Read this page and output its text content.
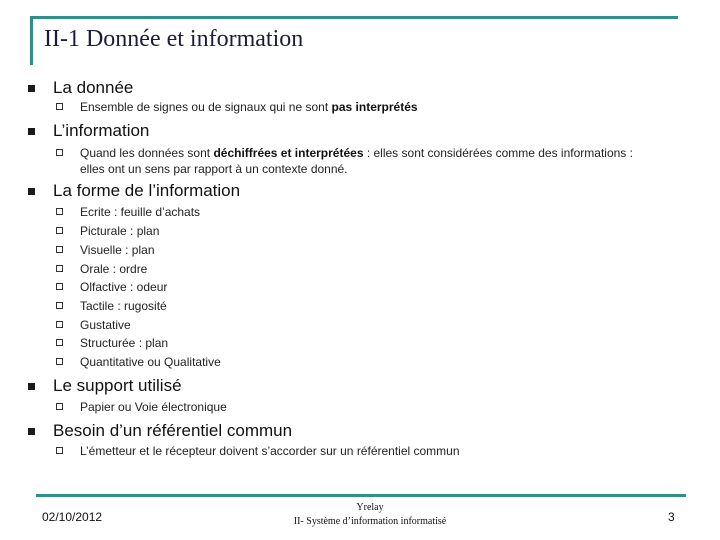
II-1 Donnée et information
La donnée
Ensemble de signes ou de signaux qui ne sont pas interprétés
L’information
Quand les données sont déchiffrées et interprétées : elles sont considérées comme des informations :
elles ont un sens par rapport à un contexte donné.
La forme de l’information
Ecrite : feuille d’achats
Picturale : plan
Visuelle : plan
Orale : ordre
Olfactive : odeur
Tactile : rugosité
Gustative
Structurée : plan
Quantitative ou Qualitative
Le support utilisé
Papier ou Voie électronique
Besoin d’un référentiel commun
L’émetteur et le récepteur doivent s’accorder sur un référentiel commun
02/10/2012
Yrelay
II- Système d’information informatisé	3
